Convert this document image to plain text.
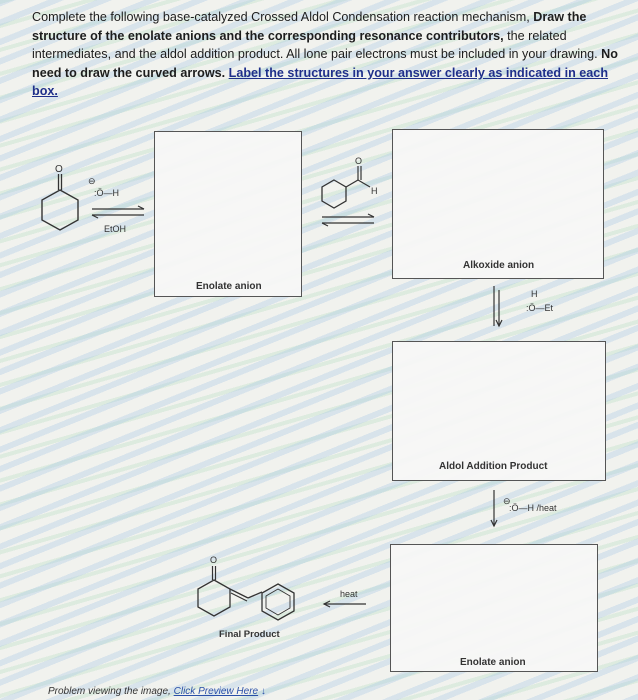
Complete the following base-catalyzed Crossed Aldol Condensation reaction mechanism, Draw the structure of the enolate anions and the corresponding resonance contributors, the related intermediates, and the aldol addition product. All lone pair electrons must be included in your drawing. No need to draw the curved arrows. Label the structures in your answer clearly as indicated in each box.
O
⊖
:Ö—H
EtOH
Enolate anion
O
H
Alkoxide anion
H
:Ö—Et
Aldol Addition Product
⊖
:Ö—H /heat
Enolate anion
heat
O
Final Product
Problem viewing the image, Click Preview Here ↓
